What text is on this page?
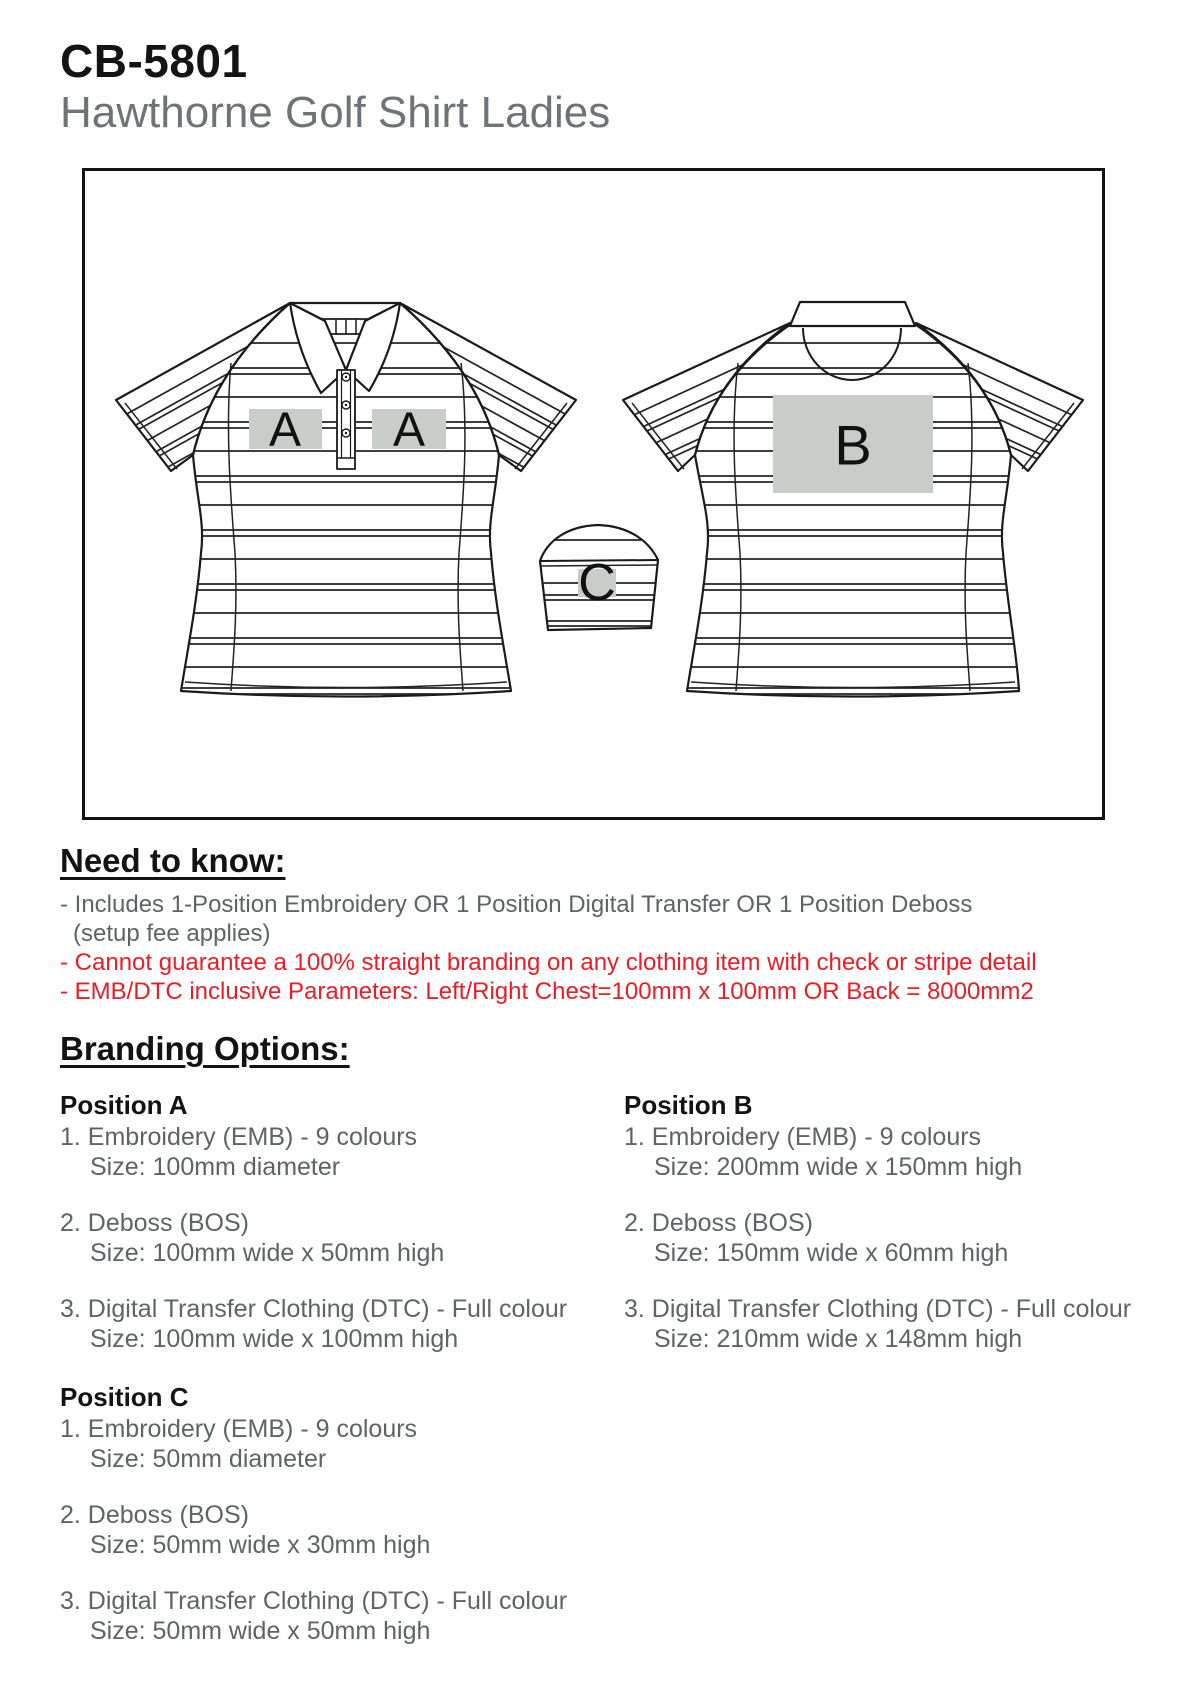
CB-5801
Hawthorne Golf Shirt Ladies
A A	B
C
Need to know:
- Includes 1-Position Embroidery OR 1 Position Digital Transfer OR 1 Position Deboss
(setup fee applies)
- Cannot guarantee a 100% straight branding on any clothing item with check or stripe detail
- EMB/DTC inclusive Parameters: Left/Right Chest=100mm x 100mm OR Back = 8000mm2
Branding Options:
Position A
1. Embroidery (EMB) - 9 colours
Size: 100mm diameter
2. Deboss (BOS)
Size: 100mm wide x 50mm high
3. Digital Transfer Clothing (DTC) - Full colour
Size: 100mm wide x 100mm high
Position B
1. Embroidery (EMB) - 9 colours
Size: 200mm wide x 150mm high
2. Deboss (BOS)
Size: 150mm wide x 60mm high
3. Digital Transfer Clothing (DTC) - Full colour
Size: 210mm wide x 148mm high
Position C
1. Embroidery (EMB) - 9 colours
Size: 50mm diameter
2. Deboss (BOS)
Size: 50mm wide x 30mm high
3. Digital Transfer Clothing (DTC) - Full colour
Size: 50mm wide x 50mm high
